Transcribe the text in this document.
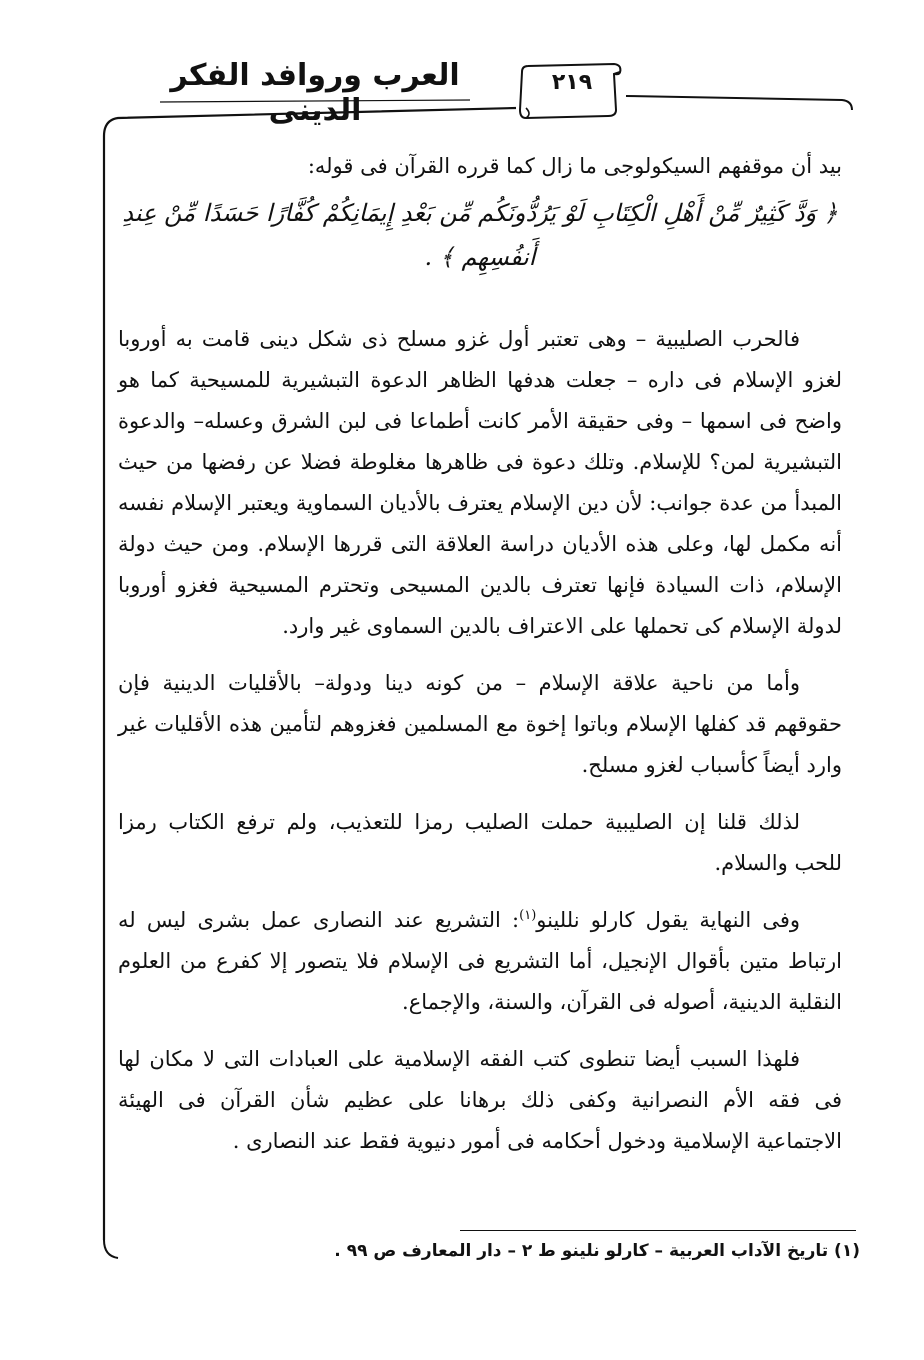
العرب وروافد الفكر الدينى
٢١٩

بيد أن موقفهم السيكولوجى ما زال كما قرره القرآن فى قوله:

﴿ وَدَّ كَثِيرٌ مِّنْ أَهْلِ الْكِتَابِ لَوْ يَرُدُّونَكُم مِّن بَعْدِ إِيمَانِكُمْ كُفَّارًا حَسَدًا مِّنْ عِندِ أَنفُسِهِم ﴾ .

فالحرب الصليبية – وهى تعتبر أول غزو مسلح ذى شكل دينى قامت به أوروبا لغزو الإسلام فى داره – جعلت هدفها الظاهر الدعوة التبشيرية للمسيحية كما هو واضح فى اسمها – وفى حقيقة الأمر كانت أطماعا فى لبن الشرق وعسله– والدعوة التبشيرية لمن؟ للإسلام. وتلك دعوة فى ظاهرها مغلوطة فضلا عن رفضها من حيث المبدأ من عدة جوانب: لأن دين الإسلام يعترف بالأديان السماوية ويعتبر الإسلام نفسه أنه مكمل لها، وعلى هذه الأديان دراسة العلاقة التى قررها الإسلام. ومن حيث دولة الإسلام، ذات السيادة فإنها تعترف بالدين المسيحى وتحترم المسيحية فغزو أوروبا لدولة الإسلام كى تحملها على الاعتراف بالدين السماوى غير وارد.

وأما من ناحية علاقة الإسلام – من كونه دينا ودولة– بالأقليات الدينية فإن حقوقهم قد كفلها الإسلام وباتوا إخوة مع المسلمين فغزوهم لتأمين هذه الأقليات غير وارد أيضاً كأسباب لغزو مسلح.

لذلك قلنا إن الصليبية حملت الصليب رمزا للتعذيب، ولم ترفع الكتاب رمزا للحب والسلام.

وفى النهاية يقول كارلو نللينو$^{(١)}$: التشريع عند النصارى عمل بشرى ليس له ارتباط متين بأقوال الإنجيل، أما التشريع فى الإسلام فلا يتصور إلا كفرع من العلوم النقلية الدينية، أصوله فى القرآن، والسنة، والإجماع.

فلهذا السبب أيضا تنطوى كتب الفقه الإسلامية على العبادات التى لا مكان لها فى فقه الأم النصرانية وكفى ذلك برهانا على عظيم شأن القرآن فى الهيئة الاجتماعية الإسلامية ودخول أحكامه فى أمور دنيوية فقط عند النصارى .

(١) تاريخ الآداب العربية – كارلو نلينو ط ٢ – دار المعارف ص ٩٩ .
